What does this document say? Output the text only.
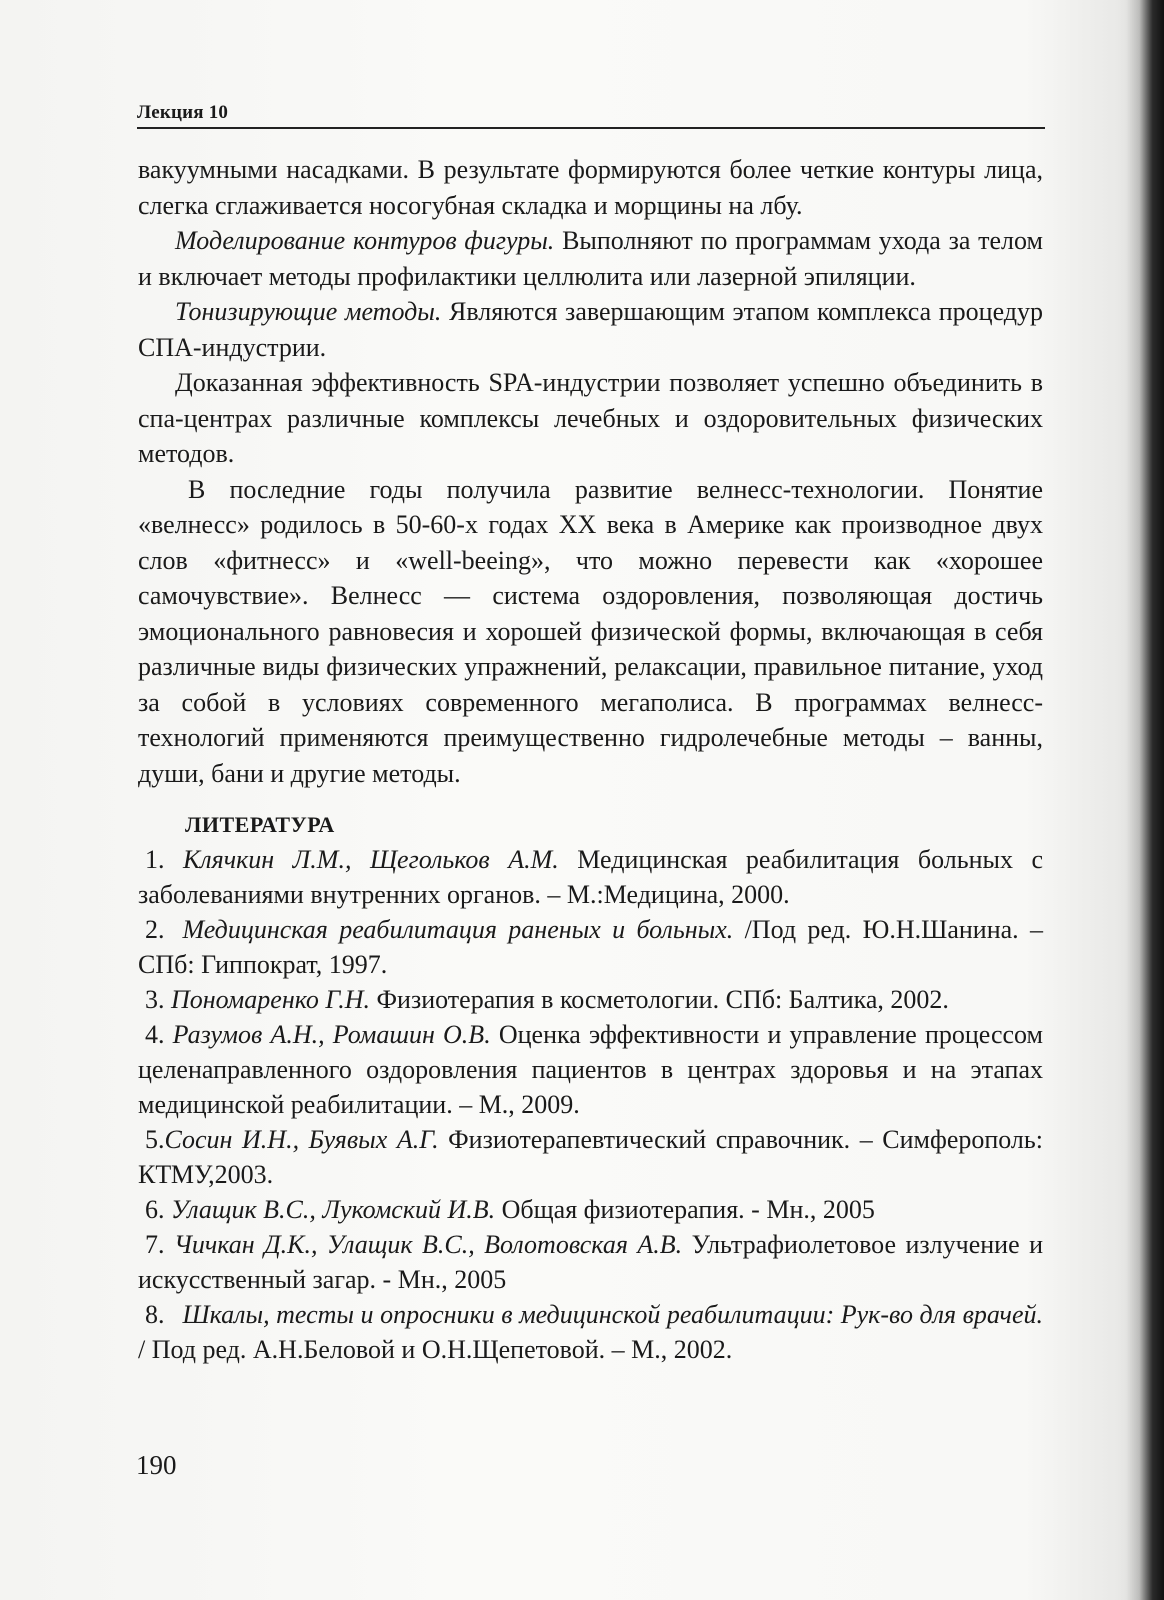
Лекция 10

вакуумными насадками. В результате формируются более четкие контуры лица, слегка сглаживается носогубная складка и морщины на лбу.

Моделирование контуров фигуры. Выполняют по программам ухода за телом и включает методы профилактики целлюлита или лазерной эпиляции.

Тонизирующие методы. Являются завершающим этапом комплекса процедур СПА-индустрии.

Доказанная эффективность SPA-индустрии позволяет успешно объединить в спа-центрах различные комплексы лечебных и оздоровительных физических методов.

В последние годы получила развитие велнесс-технологии. Понятие «велнесс» родилось в 50-60-х годах XX века в Америке как производное двух слов «фитнесс» и «well-beeing», что можно перевести как «хорошее самочувствие». Велнесс — система оздоровления, позволяющая достичь эмоционального равновесия и хорошей физической формы, включающая в себя различные виды физических упражнений, релаксации, правильное питание, уход за собой в условиях современного мегаполиса. В программах велнесс-технологий применяются преимущественно гидролечебные методы – ванны, души, бани и другие методы.

ЛИТЕРАТУРА

1. Клячкин Л.М., Щегольков А.М. Медицинская реабилитация больных с заболеваниями внутренних органов. – М.:Медицина, 2000.

2. Медицинская реабилитация раненых и больных. /Под ред. Ю.Н.Шанина. – СПб: Гиппократ, 1997.

3. Пономаренко Г.Н. Физиотерапия в косметологии. СПб: Балтика, 2002.

4. Разумов А.Н., Ромашин О.В. Оценка эффективности и управление процессом целенаправленного оздоровления пациентов в центрах здоровья и на этапах медицинской реабилитации. – М., 2009.

5.Сосин И.Н., Буявых А.Г. Физиотерапевтический справочник. – Симферополь: КТМУ,2003.

6. Улащик В.С., Лукомский И.В. Общая физиотерапия. - Мн., 2005

7. Чичкан Д.К., Улащик В.С., Волотовская А.В. Ультрафиолетовое излучение и искусственный загар. - Мн., 2005

8. Шкалы, тесты и опросники в медицинской реабилитации: Рук-во для врачей. / Под ред. А.Н.Беловой и О.Н.Щепетовой. – М., 2002.

190
